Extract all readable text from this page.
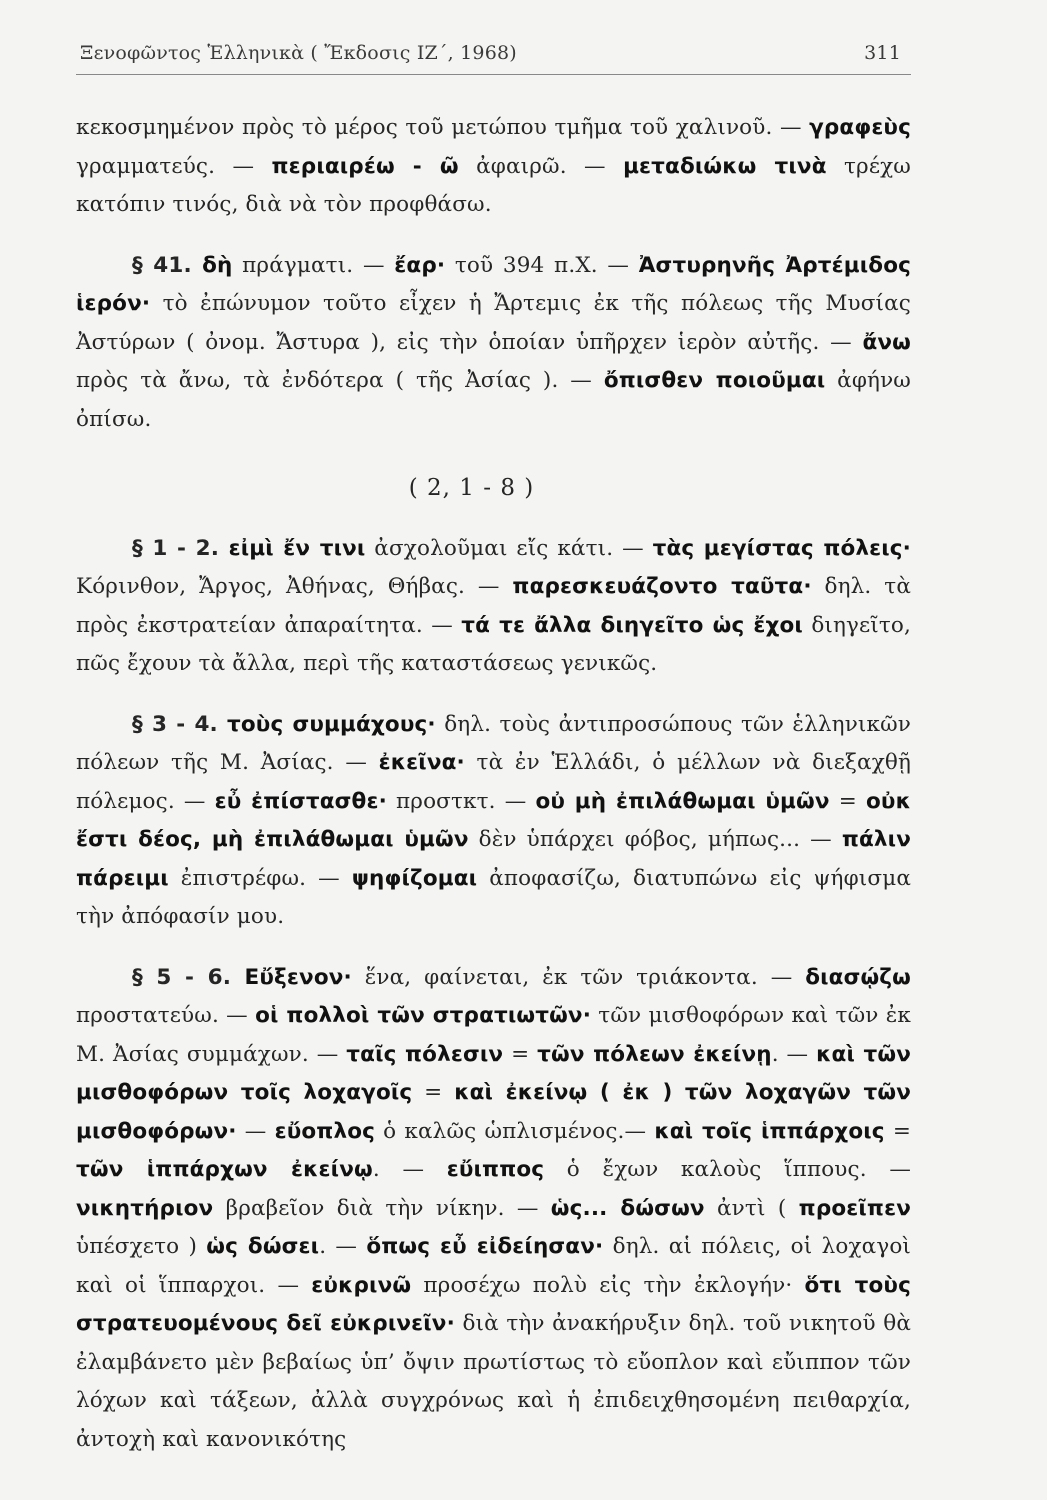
Ξενοφῶντος Ἑλληνικὰ ( Ἔκδοσις ΙΖ΄, 1968)	311

κεκοσμημένον πρὸς τὸ μέρος τοῦ μετώπου τμῆμα τοῦ χαλινοῦ. — γραφεὺς γραμματεύς. — περιαιρέω - ῶ ἀφαιρῶ. — μεταδιώκω τινὰ τρέχω κατόπιν τινός, διὰ νὰ τὸν προφθάσω.

§ 41. δὴ πράγματι. — ἔαρ· τοῦ 394 π.Χ. — Ἀστυρηνῆς Ἀρτέμιδος ἱερόν· τὸ ἐπώνυμον τοῦτο εἶχεν ἡ Ἄρτεμις ἐκ τῆς πόλεως τῆς Μυσίας Ἀστύρων ( ὀνομ. Ἄστυρα ), εἰς τὴν ὁποίαν ὑπῆρχεν ἱερὸν αὐτῆς. — ἄνω πρὸς τὰ ἄνω, τὰ ἐνδότερα ( τῆς Ἀσίας ). — ὄπισθεν ποιοῦμαι ἀφήνω ὀπίσω.

( 2, 1 - 8 )

§ 1 - 2. εἰμὶ ἔν τινι ἀσχολοῦμαι εἴς κάτι. — τὰς μεγίστας πόλεις· Κόρινθον, Ἄργος, Ἀθήνας, Θήβας. — παρεσκευάζοντο ταῦτα· δηλ. τὰ πρὸς ἐκστρατείαν ἀπαραίτητα. — τά τε ἄλλα διηγεῖτο ὡς ἔχοι διηγεῖτο, πῶς ἔχουν τὰ ἄλλα, περὶ τῆς καταστάσεως γενικῶς.

§ 3 - 4. τοὺς συμμάχους· δηλ. τοὺς ἀντιπροσώπους τῶν ἑλληνικῶν πόλεων τῆς Μ. Ἀσίας. — ἐκεῖνα· τὰ ἐν Ἑλλάδι, ὁ μέλλων νὰ διεξαχθῇ πόλεμος. — εὖ ἐπίστασθε· προστκτ. — οὐ μὴ ἐπιλάθωμαι ὑμῶν = οὐκ ἔστι δέος, μὴ ἐπιλάθωμαι ὑμῶν δὲν ὑπάρχει φόβος, μήπως... — πάλιν πάρειμι ἐπιστρέφω. — ψηφίζομαι ἀποφασίζω, διατυπώνω εἰς ψήφισμα τὴν ἀπόφασίν μου.

§ 5 - 6. Εὔξενον· ἕνα, φαίνεται, ἐκ τῶν τριάκοντα. — διασῴζω προστατεύω. — οἱ πολλοὶ τῶν στρατιωτῶν· τῶν μισθοφόρων καὶ τῶν ἐκ Μ. Ἀσίας συμμάχων. — ταῖς πόλεσιν = τῶν πόλεων ἐκείνῃ. — καὶ τῶν μισθοφόρων τοῖς λοχαγοῖς = καὶ ἐκείνῳ ( ἐκ ) τῶν λοχαγῶν τῶν μισθοφόρων· — εὔοπλος ὁ καλῶς ὡπλισμένος.— καὶ τοῖς ἱππάρχοις = τῶν ἱππάρχων ἐκείνῳ. — εὔιππος ὁ ἔχων καλοὺς ἵππους. — νικητήριον βραβεῖον διὰ τὴν νίκην. — ὡς... δώσων ἀντὶ ( προεῖπεν ὑπέσχετο ) ὡς δώσει. — ὅπως εὖ εἰδείησαν· δηλ. αἱ πόλεις, οἱ λοχαγοὶ καὶ οἱ ἵππαρχοι. — εὐκρινῶ προσέχω πολὺ εἰς τὴν ἐκλογήν· ὅτι τοὺς στρατευομένους δεῖ εὐκρινεῖν· διὰ τὴν ἀνακήρυξιν δηλ. τοῦ νικητοῦ θὰ ἐλαμβάνετο μὲν βεβαίως ὑπ’ ὄψιν πρωτίστως τὸ εὔοπλον καὶ εὔιππον τῶν λόχων καὶ τάξεων, ἀλλὰ συγχρόνως καὶ ἡ ἐπιδειχθησομένη πειθαρχία, ἀντοχὴ καὶ κανονικότης
